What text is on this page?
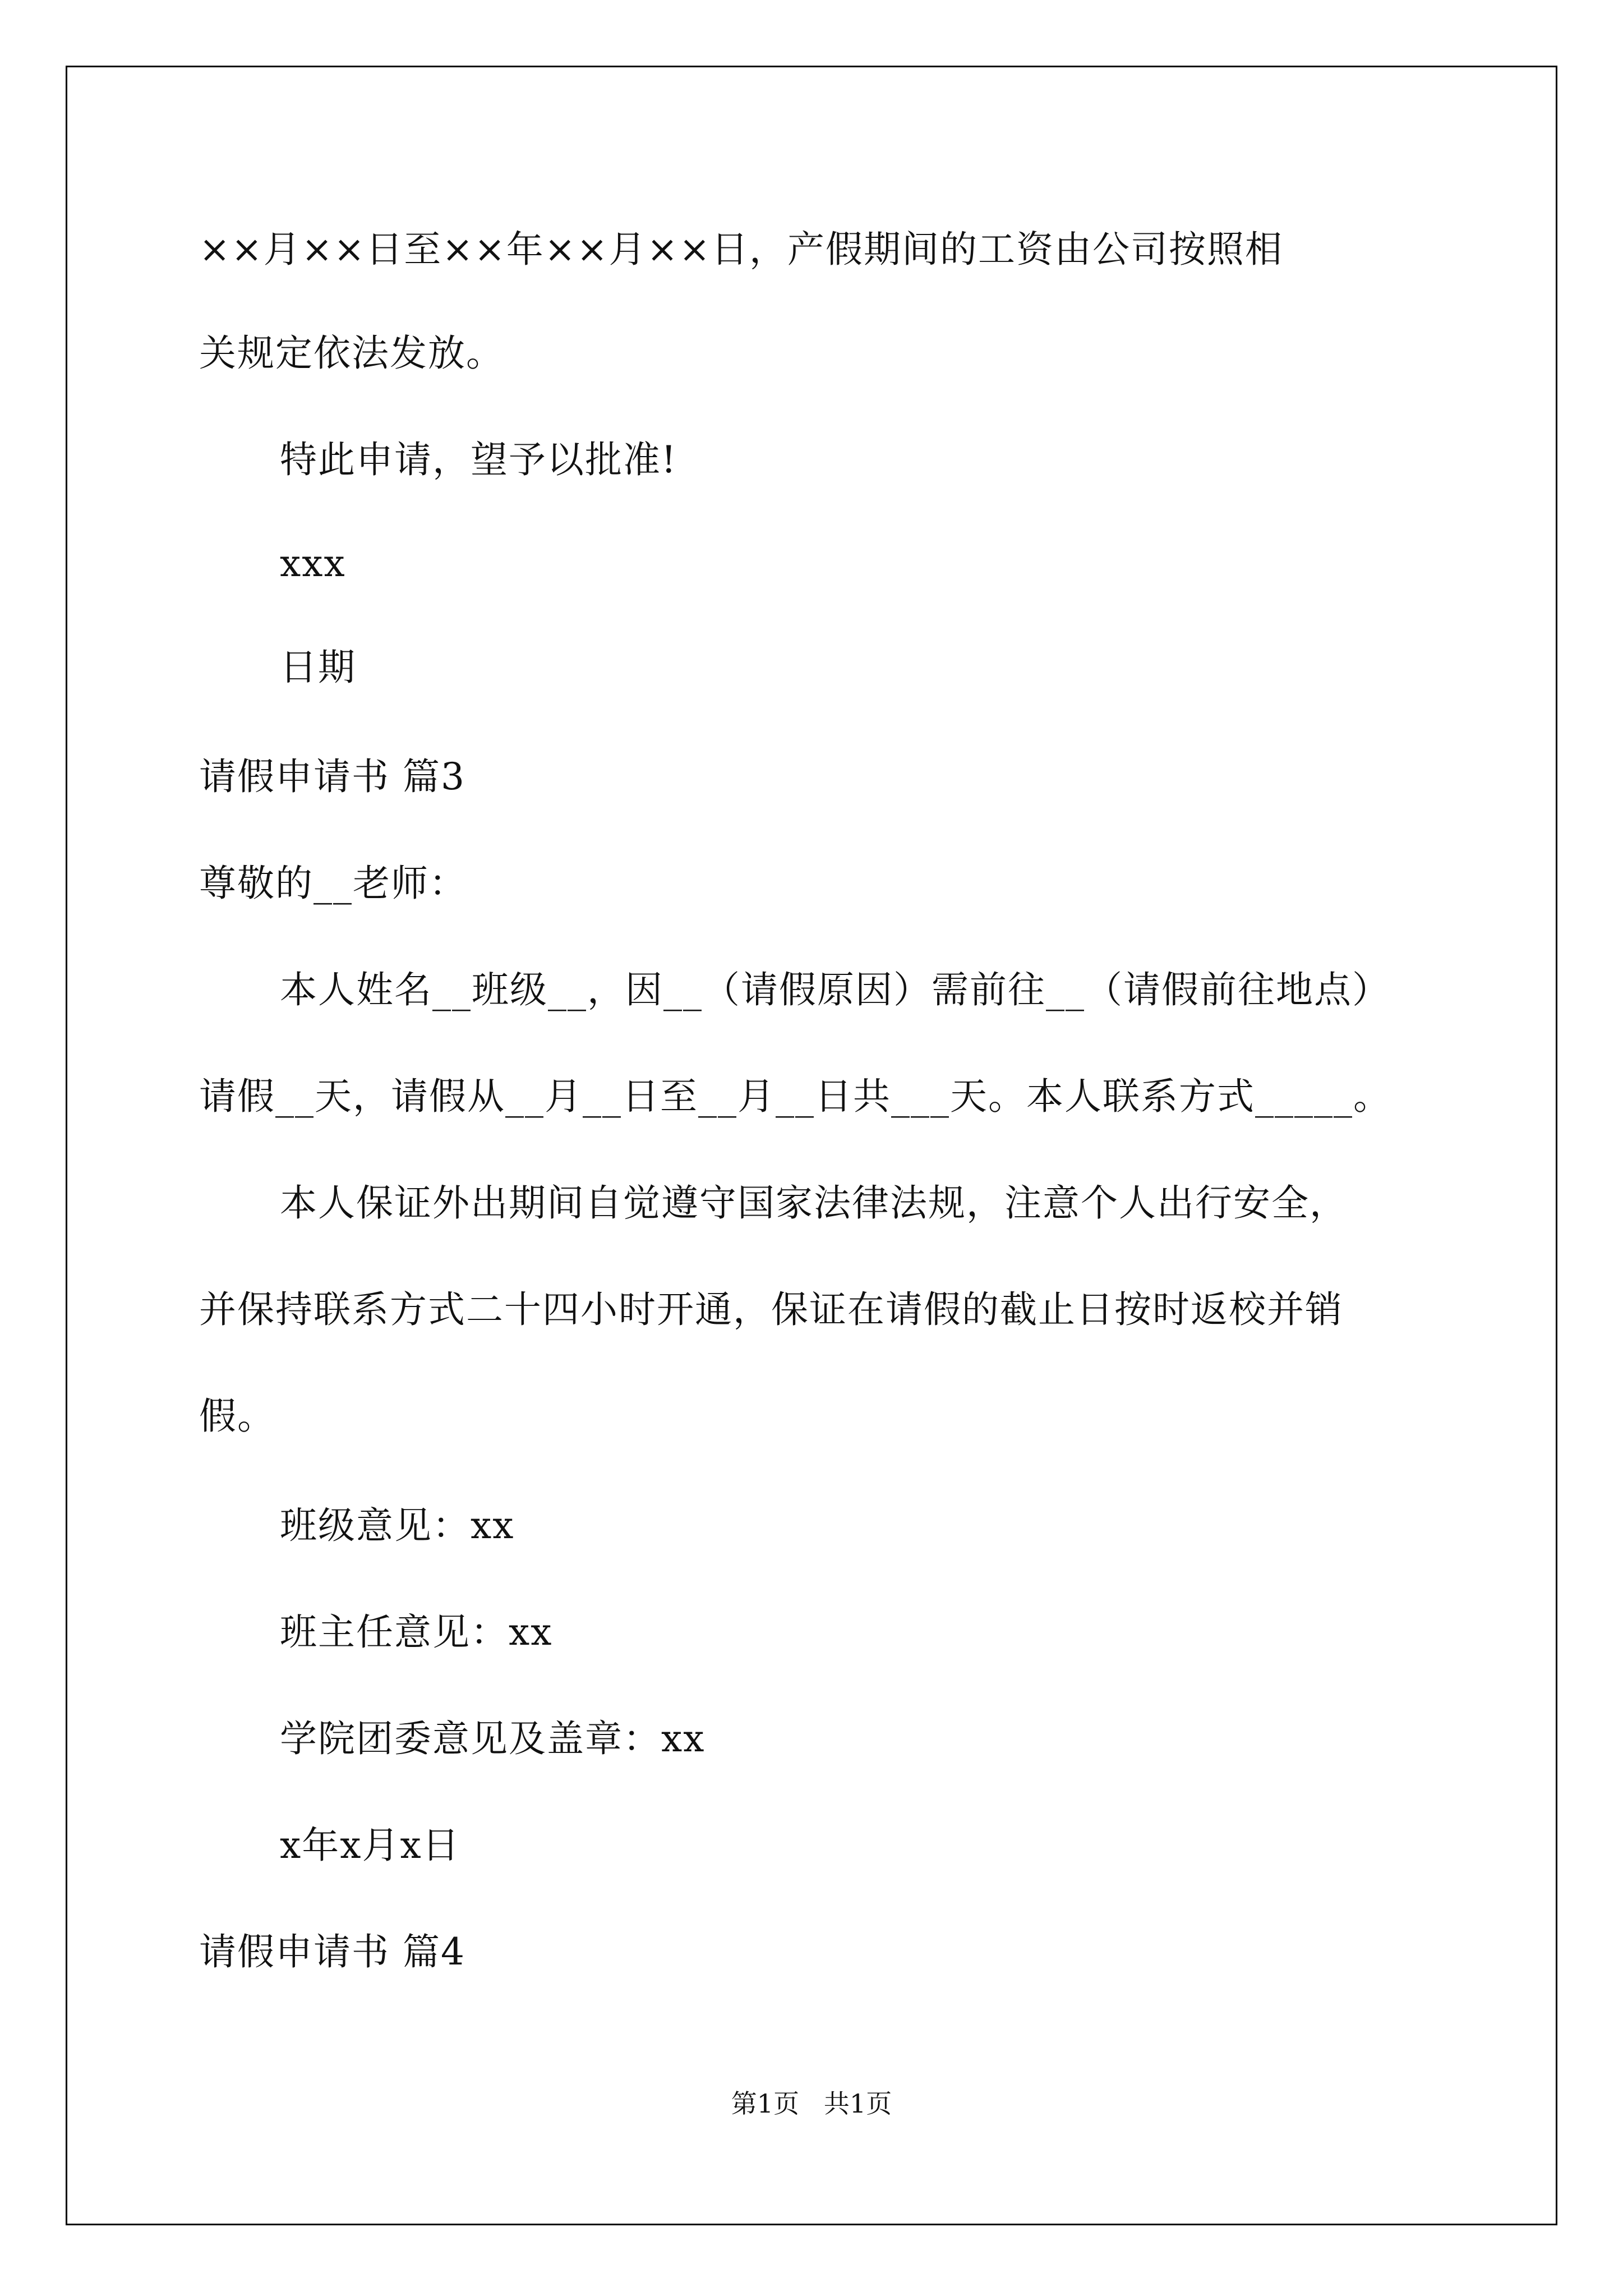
××月××日至××年××月××日，产假期间的工资由公司按照相
关规定依法发放。
特此申请，望予以批准!
xxx
日期
请假申请书 篇3
尊敬的__老师：
本人姓名__班级__，因__（请假原因）需前往__（请假前往地点）
请假__天，请假从__月__日至__月__日共___天。本人联系方式_____。
本人保证外出期间自觉遵守国家法律法规，注意个人出行安全，
并保持联系方式二十四小时开通，保证在请假的截止日按时返校并销
假。
班级意见：xx
班主任意见：xx
学院团委意见及盖章：xx
x年x月x日
请假申请书 篇4
第1页   共1页
